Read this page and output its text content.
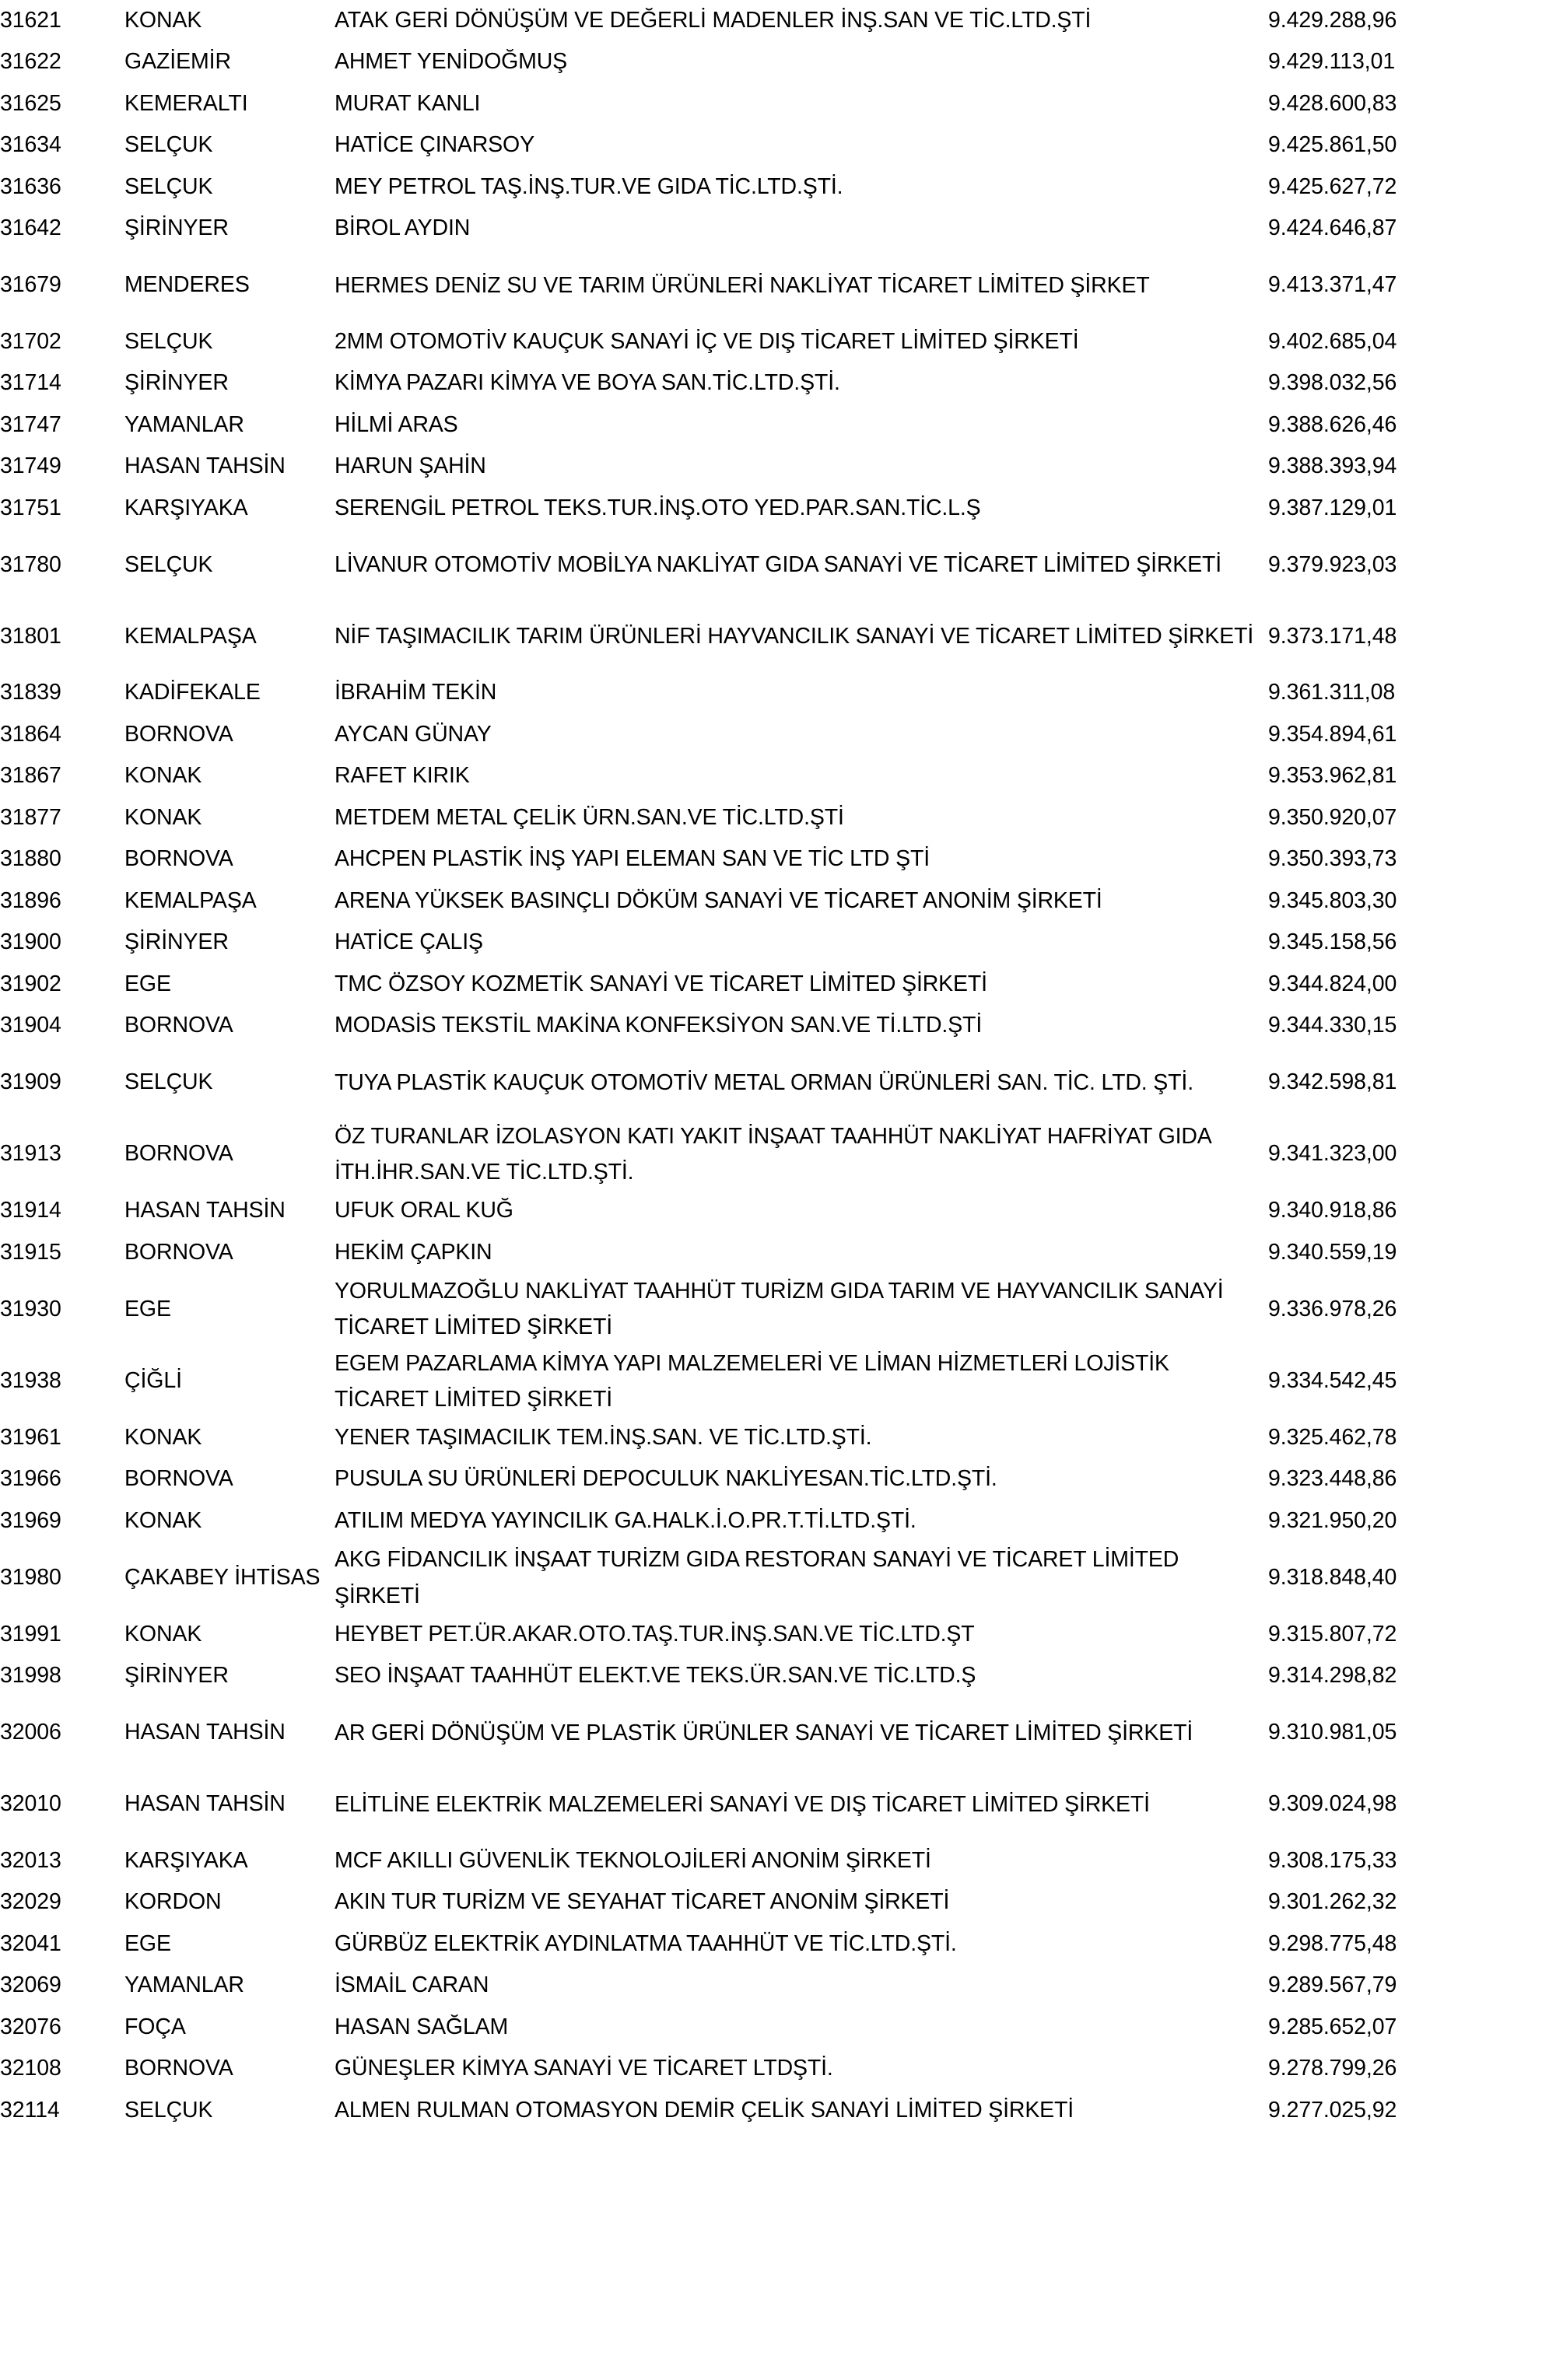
31621	KONAK	ATAK GERİ DÖNÜŞÜM VE DEĞERLİ MADENLER İNŞ.SAN VE TİC.LTD.ŞTİ	9.429.288,96
31622	GAZİEMİR	AHMET YENİDOĞMUŞ	9.429.113,01
31625	KEMERALTI	MURAT KANLI	9.428.600,83
31634	SELÇUK	HATİCE ÇINARSOY	9.425.861,50
31636	SELÇUK	MEY PETROL TAŞ.İNŞ.TUR.VE GIDA TİC.LTD.ŞTİ.	9.425.627,72
31642	ŞİRİNYER	BİROL AYDIN	9.424.646,87
31679	MENDERES	HERMES DENİZ SU VE TARIM ÜRÜNLERİ NAKLİYAT TİCARET LİMİTED ŞİRKET	9.413.371,47
31702	SELÇUK	2MM OTOMOTİV KAUÇUK SANAYİ İÇ VE DIŞ TİCARET LİMİTED ŞİRKETİ	9.402.685,04
31714	ŞİRİNYER	KİMYA PAZARI KİMYA VE BOYA SAN.TİC.LTD.ŞTİ.	9.398.032,56
31747	YAMANLAR	HİLMİ ARAS	9.388.626,46
31749	HASAN TAHSİN	HARUN ŞAHİN	9.388.393,94
31751	KARŞIYAKA	SERENGİL PETROL TEKS.TUR.İNŞ.OTO YED.PAR.SAN.TİC.L.Ş	9.387.129,01
31780	SELÇUK	LİVANUR OTOMOTİV MOBİLYA NAKLİYAT GIDA SANAYİ VE TİCARET LİMİTED ŞİRKETİ	9.379.923,03
31801	KEMALPAŞA	NİF TAŞIMACILIK TARIM ÜRÜNLERİ HAYVANCILIK SANAYİ VE TİCARET LİMİTED ŞİRKETİ	9.373.171,48
31839	KADİFEKALE	İBRAHİM TEKİN	9.361.311,08
31864	BORNOVA	AYCAN GÜNAY	9.354.894,61
31867	KONAK	RAFET KIRIK	9.353.962,81
31877	KONAK	METDEM METAL ÇELİK ÜRN.SAN.VE TİC.LTD.ŞTİ	9.350.920,07
31880	BORNOVA	AHCPEN PLASTİK İNŞ YAPI ELEMAN SAN VE TİC LTD ŞTİ	9.350.393,73
31896	KEMALPAŞA	ARENA YÜKSEK BASINÇLI DÖKÜM SANAYİ VE TİCARET ANONİM ŞİRKETİ	9.345.803,30
31900	ŞİRİNYER	HATİCE ÇALIŞ	9.345.158,56
31902	EGE	TMC ÖZSOY KOZMETİK SANAYİ VE TİCARET LİMİTED ŞİRKETİ	9.344.824,00
31904	BORNOVA	MODASİS TEKSTİL MAKİNA KONFEKSİYON SAN.VE Tİ.LTD.ŞTİ	9.344.330,15
31909	SELÇUK	TUYA PLASTİK KAUÇUK OTOMOTİV METAL ORMAN ÜRÜNLERİ SAN. TİC. LTD. ŞTİ.	9.342.598,81
31913	BORNOVA	ÖZ TURANLAR İZOLASYON KATI YAKIT İNŞAAT TAAHHÜT NAKLİYAT HAFRİYAT GIDA İTH.İHR.SAN.VE TİC.LTD.ŞTİ.	9.341.323,00
31914	HASAN TAHSİN	UFUK ORAL KUĞ	9.340.918,86
31915	BORNOVA	HEKİM ÇAPKIN	9.340.559,19
31930	EGE	YORULMAZOĞLU NAKLİYAT TAAHHÜT TURİZM GIDA TARIM VE HAYVANCILIK SANAYİ TİCARET LİMİTED ŞİRKETİ	9.336.978,26
31938	ÇİĞLİ	EGEM PAZARLAMA KİMYA YAPI MALZEMELERİ VE LİMAN HİZMETLERİ LOJİSTİK TİCARET LİMİTED ŞİRKETİ	9.334.542,45
31961	KONAK	YENER TAŞIMACILIK TEM.İNŞ.SAN. VE TİC.LTD.ŞTİ.	9.325.462,78
31966	BORNOVA	PUSULA SU ÜRÜNLERİ DEPOCULUK NAKLİYESAN.TİC.LTD.ŞTİ.	9.323.448,86
31969	KONAK	ATILIM MEDYA YAYINCILIK GA.HALK.İ.O.PR.T.Tİ.LTD.ŞTİ.	9.321.950,20
31980	ÇAKABEY İHTİSAS	AKG FİDANCILIK İNŞAAT TURİZM GIDA RESTORAN SANAYİ VE TİCARET LİMİTED ŞİRKETİ	9.318.848,40
31991	KONAK	HEYBET PET.ÜR.AKAR.OTO.TAŞ.TUR.İNŞ.SAN.VE TİC.LTD.ŞT	9.315.807,72
31998	ŞİRİNYER	SEO İNŞAAT TAAHHÜT ELEKT.VE TEKS.ÜR.SAN.VE TİC.LTD.Ş	9.314.298,82
32006	HASAN TAHSİN	AR GERİ DÖNÜŞÜM VE PLASTİK ÜRÜNLER SANAYİ VE TİCARET LİMİTED ŞİRKETİ	9.310.981,05
32010	HASAN TAHSİN	ELİTLİNE ELEKTRİK MALZEMELERİ SANAYİ VE DIŞ TİCARET LİMİTED ŞİRKETİ	9.309.024,98
32013	KARŞIYAKA	MCF AKILLI GÜVENLİK TEKNOLOJİLERİ ANONİM ŞİRKETİ	9.308.175,33
32029	KORDON	AKIN TUR TURİZM VE SEYAHAT TİCARET ANONİM ŞİRKETİ	9.301.262,32
32041	EGE	GÜRBÜZ ELEKTRİK AYDINLATMA TAAHHÜT VE TİC.LTD.ŞTİ.	9.298.775,48
32069	YAMANLAR	İSMAİL CARAN	9.289.567,79
32076	FOÇA	HASAN SAĞLAM	9.285.652,07
32108	BORNOVA	GÜNEŞLER KİMYA SANAYİ VE TİCARET LTDŞTİ.	9.278.799,26
32114	SELÇUK	ALMEN RULMAN OTOMASYON DEMİR ÇELİK SANAYİ LİMİTED ŞİRKETİ	9.277.025,92
